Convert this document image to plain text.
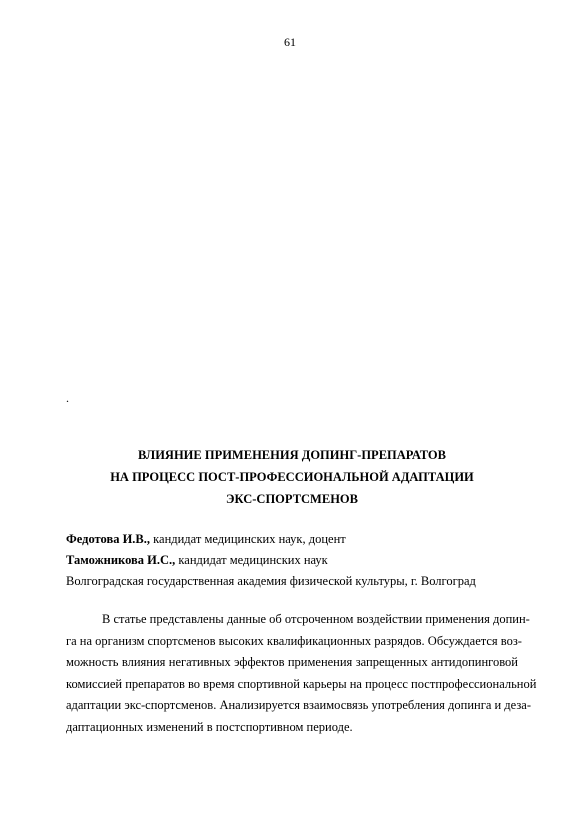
61
.
ВЛИЯНИЕ ПРИМЕНЕНИЯ ДОПИНГ-ПРЕПАРАТОВ
НА ПРОЦЕСС ПОСТ-ПРОФЕССИОНАЛЬНОЙ АДАПТАЦИИ
ЭКС-СПОРТСМЕНОВ
Федотова И.В., кандидат медицинских наук, доцент
Таможникова И.С., кандидат медицинских наук
Волгоградская государственная академия физической культуры, г. Волгоград
В статье представлены данные об отсроченном воздействии применения допин-
га на организм спортсменов высоких квалификационных разрядов. Обсуждается воз-
можность влияния негативных эффектов применения запрещенных антидопинговой
комиссией препаратов во время спортивной карьеры на процесс постпрофессиональной
адаптации экс-спортсменов. Анализируется взаимосвязь употребления допинга и деза-
даптационных изменений в постспортивном периоде.
